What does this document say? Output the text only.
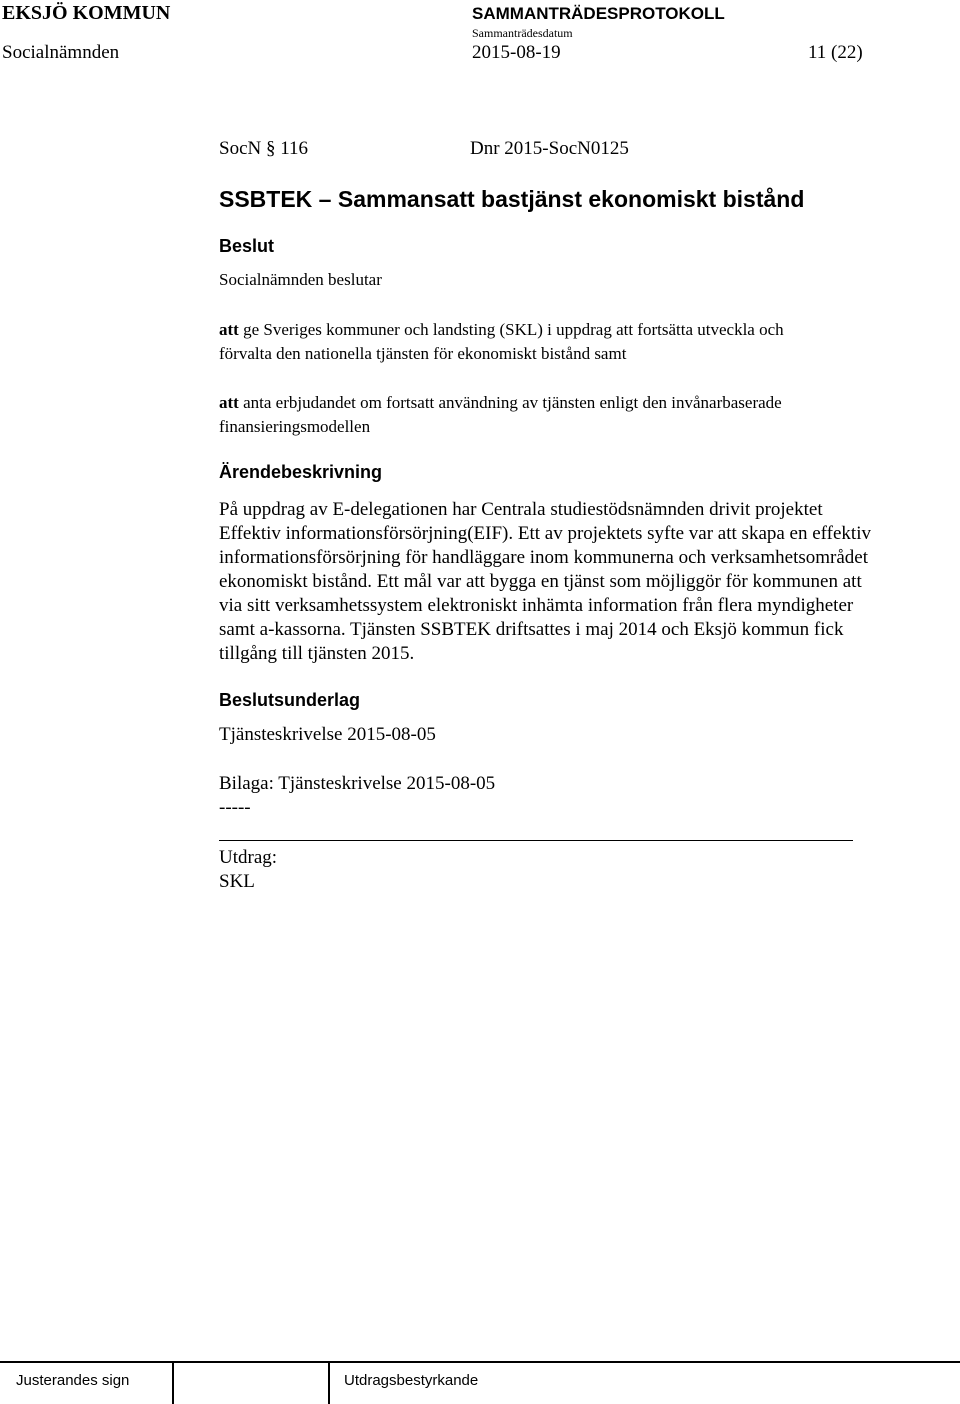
EKSJÖ KOMMUN	SAMMANTRÄDESPROTOKOLL
Sammanträdesdatum
Socialnämnden	2015-08-19	11 (22)
SocN § 116	Dnr 2015-SocN0125
SSBTEK – Sammansatt bastjänst ekonomiskt bistånd
Beslut
Socialnämnden beslutar
att ge Sveriges kommuner och landsting (SKL) i uppdrag att fortsätta utveckla och
förvalta den nationella tjänsten för ekonomiskt bistånd samt
att anta erbjudandet om fortsatt användning av tjänsten enligt den invånarbaserade
finansieringsmodellen
Ärendebeskrivning
På uppdrag av E-delegationen har Centrala studiestödsnämnden drivit projektet
Effektiv informationsförsörjning(EIF). Ett av projektets syfte var att skapa en effektiv
informationsförsörjning för handläggare inom kommunerna och verksamhetsområdet
ekonomiskt bistånd. Ett mål var att bygga en tjänst som möjliggör för kommunen att
via sitt verksamhetssystem elektroniskt inhämta information från flera myndigheter
samt a-kassorna. Tjänsten SSBTEK driftsattes i maj 2014 och Eksjö kommun fick
tillgång till tjänsten 2015.
Beslutsunderlag
Tjänsteskrivelse 2015-08-05
Bilaga: Tjänsteskrivelse 2015-08-05
-----
Utdrag:
SKL
Justerandes sign	Utdragsbestyrkande
